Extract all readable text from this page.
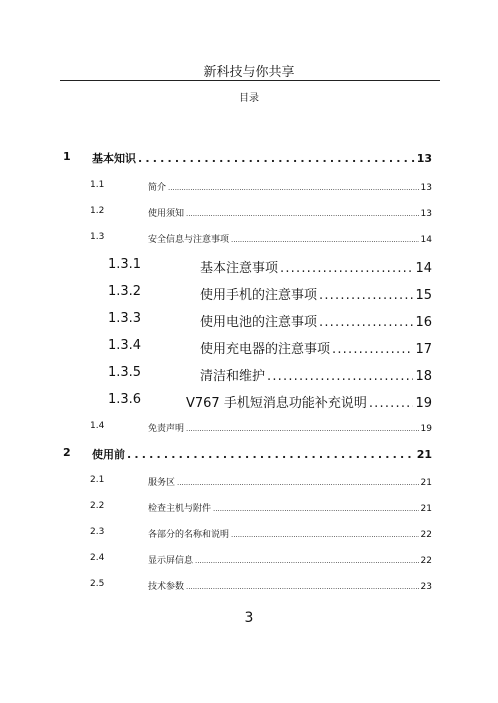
新科技与你共享
目录
1 基本知识 .....	13
1.1	简介 .....	13
1.2	使用须知 .....	13
1.3	安全信息与注意事项 .....	14
1.3.1	基本注意事项 .....	14
1.3.2	使用手机的注意事项 .....	15
1.3.3	使用电池的注意事项 .....	16
1.3.4	使用充电器的注意事项 .....	17
1.3.5	清洁和维护 .....	18
1.3.6	V767 手机短消息功能补充说明 .....	19
1.4	免责声明 .....	19
2 使用前 .....	21
2.1	服务区 .....	21
2.2	检查主机与附件 .....	21
2.3	各部分的名称和说明 .....	22
2.4	显示屏信息 .....	22
2.5	技术参数 .....	23
3
